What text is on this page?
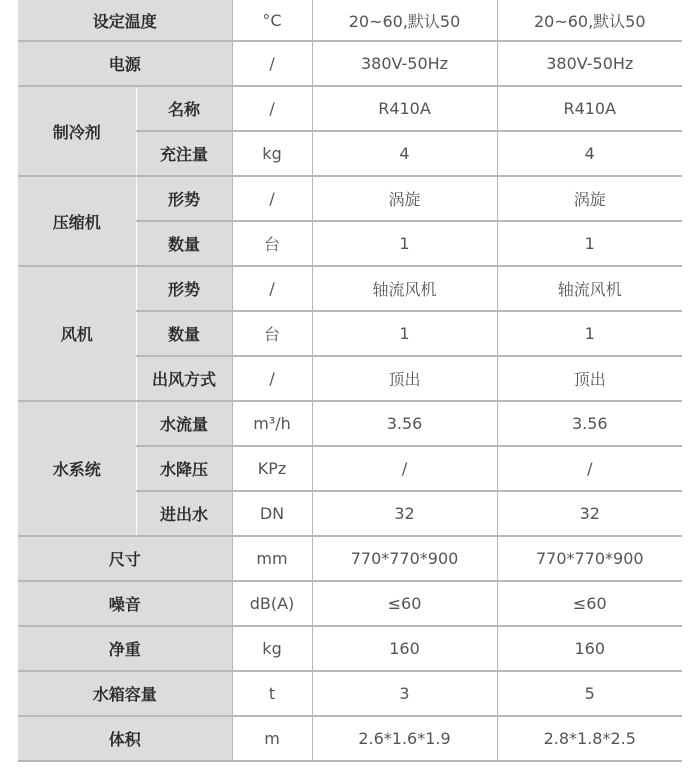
设定温度		°C	20~60,默认50	20~60,默认50
电源		/	380V-50Hz	380V-50Hz
制冷剂	名称	/	R410A	R410A
	充注量	kg	4	4
压缩机	形势	/	涡旋	涡旋
	数量	台	1	1
风机	形势	/	轴流风机	轴流风机
	数量	台	1	1
	出风方式	/	顶出	顶出
水系统	水流量	m³/h	3.56	3.56
	水降压	KPz	/	/
	进出水	DN	32	32
尺寸		mm	770*770*900	770*770*900
噪音		dB(A)	≤60	≤60
净重		kg	160	160
水箱容量		t	3	5
体积		m	2.6*1.6*1.9	2.8*1.8*2.5
